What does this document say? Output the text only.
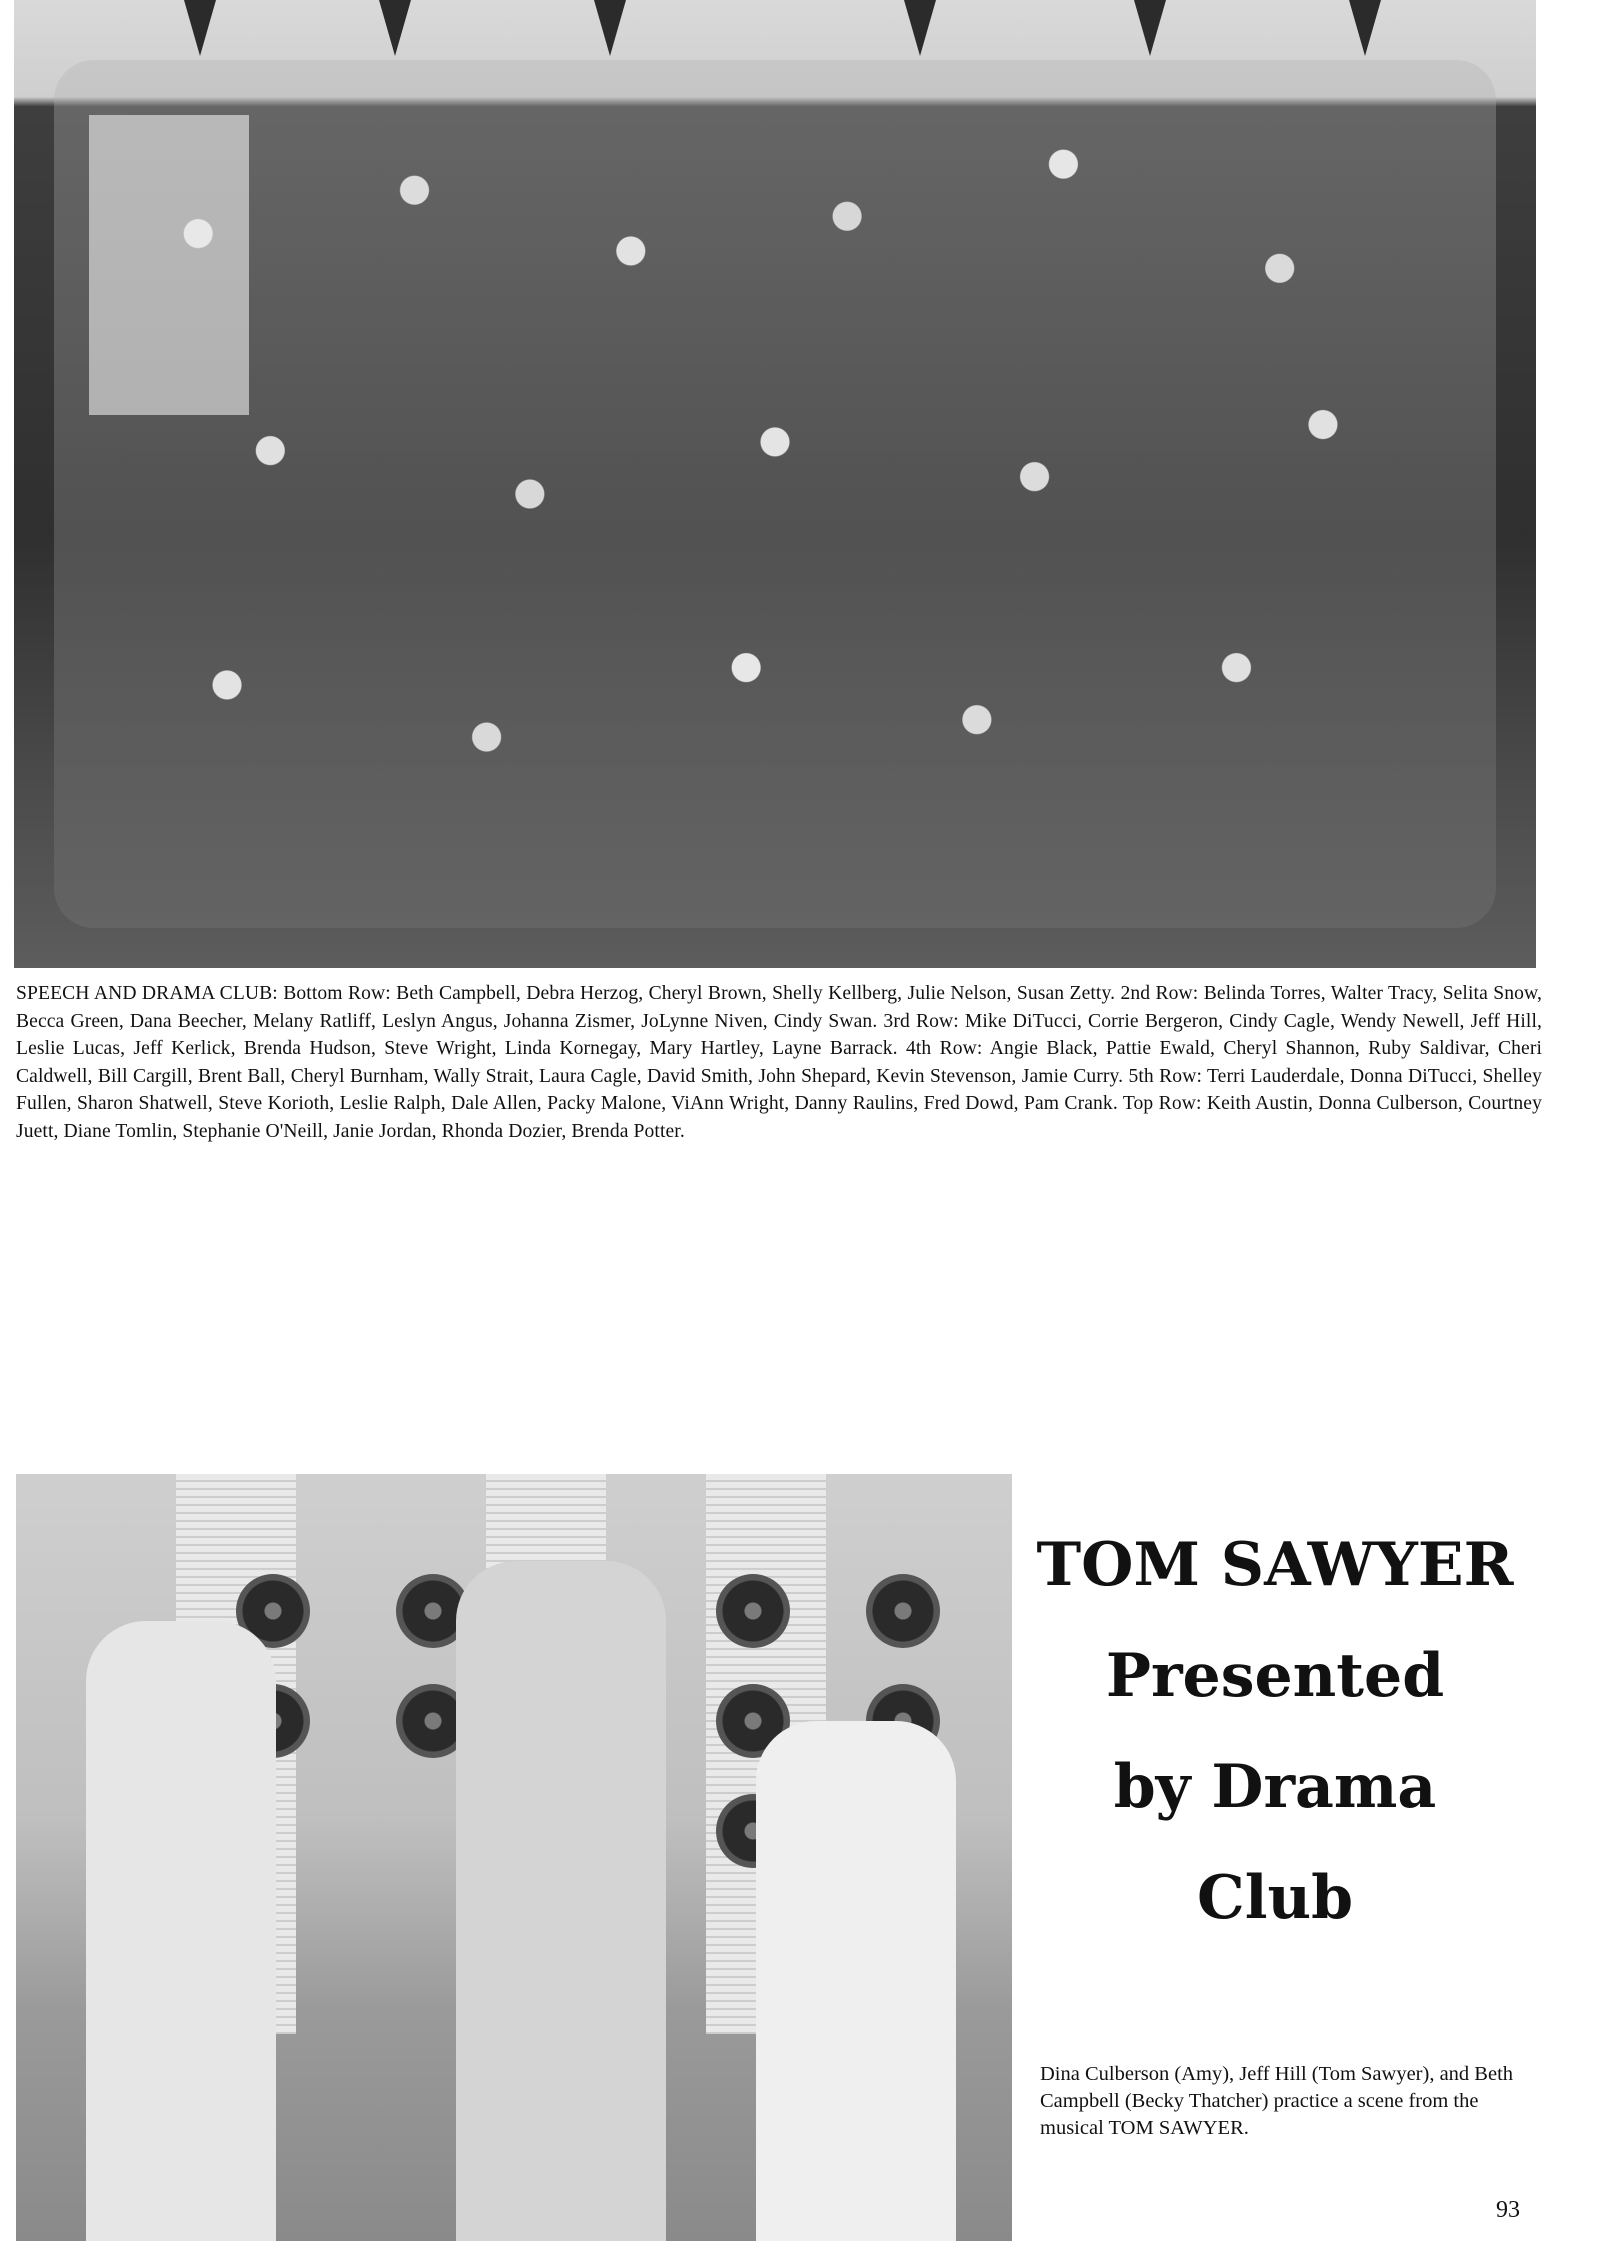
SPEECH AND DRAMA CLUB: Bottom Row: Beth Campbell, Debra Herzog, Cheryl Brown, Shelly Kellberg, Julie Nelson, Susan Zetty. 2nd Row: Belinda Torres, Walter Tracy, Selita Snow, Becca Green, Dana Beecher, Melany Ratliff, Leslyn Angus, Johanna Zismer, JoLynne Niven, Cindy Swan. 3rd Row: Mike DiTucci, Corrie Bergeron, Cindy Cagle, Wendy Newell, Jeff Hill, Leslie Lucas, Jeff Kerlick, Brenda Hudson, Steve Wright, Linda Kornegay, Mary Hartley, Layne Barrack. 4th Row: Angie Black, Pattie Ewald, Cheryl Shannon, Ruby Saldivar, Cheri Caldwell, Bill Cargill, Brent Ball, Cheryl Burnham, Wally Strait, Laura Cagle, David Smith, John Shepard, Kevin Stevenson, Jamie Curry. 5th Row: Terri Lauderdale, Donna DiTucci, Shelley Fullen, Sharon Shatwell, Steve Korioth, Leslie Ralph, Dale Allen, Packy Malone, ViAnn Wright, Danny Raulins, Fred Dowd, Pam Crank. Top Row: Keith Austin, Donna Culberson, Courtney Juett, Diane Tomlin, Stephanie O'Neill, Janie Jordan, Rhonda Dozier, Brenda Potter.

TOM SAWYER
Presented
by Drama
Club

Dina Culberson (Amy), Jeff Hill (Tom Sawyer), and Beth Campbell (Becky Thatcher) practice a scene from the musical TOM SAWYER.

93
